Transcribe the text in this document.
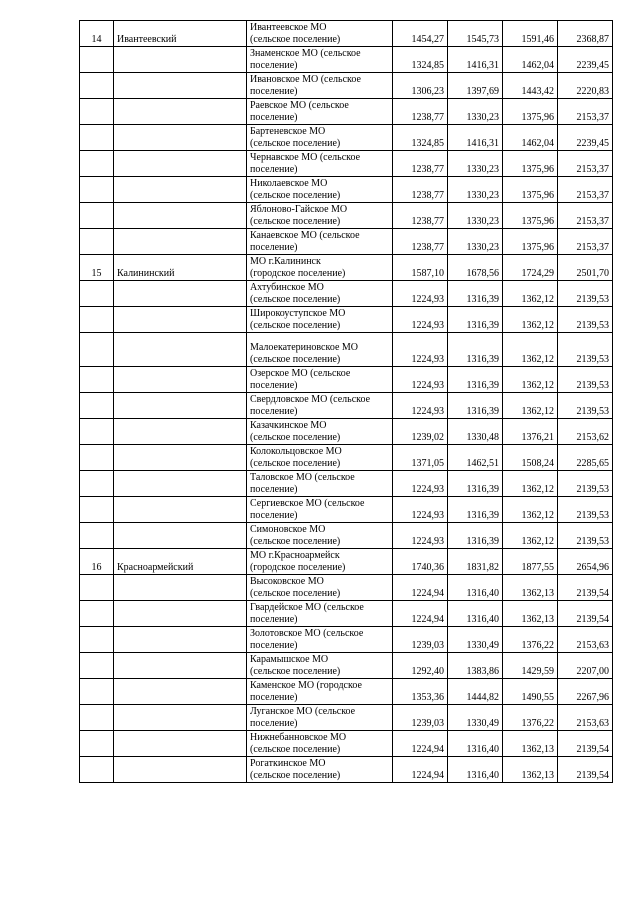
14	Ивантеевский	Ивантеевское МО
(сельское поселение)	1454,27	1545,73	1591,46	2368,87

		Знаменское МО (сельское
поселение)	1324,85	1416,31	1462,04	2239,45

		Ивановское МО (сельское
поселение)	1306,23	1397,69	1443,42	2220,83

		Раевское МО (сельское
поселение)	1238,77	1330,23	1375,96	2153,37

		Бартеневское МО
(сельское поселение)	1324,85	1416,31	1462,04	2239,45

		Чернавское МО (сельское
поселение)	1238,77	1330,23	1375,96	2153,37

		Николаевское МО
(сельское поселение)	1238,77	1330,23	1375,96	2153,37

		Яблоново-Гайское МО
(сельское поселение)	1238,77	1330,23	1375,96	2153,37

		Канаевское МО (сельское
поселение)	1238,77	1330,23	1375,96	2153,37
15	Калининский	МО г.Калининск
(городское поселение)	1587,10	1678,56	1724,29	2501,70

		Ахтубинское МО
(сельское поселение)	1224,93	1316,39	1362,12	2139,53

		Широкоуступское МО
(сельское поселение)	1224,93	1316,39	1362,12	2139,53

		Малоекатериновское МО
(сельское поселение)	1224,93	1316,39	1362,12	2139,53

		Озерское МО (сельское
поселение)	1224,93	1316,39	1362,12	2139,53

		Свердловское МО (сельское
поселение)	1224,93	1316,39	1362,12	2139,53

		Казачкинское МО
(сельское поселение)	1239,02	1330,48	1376,21	2153,62

		Колокольцовское МО
(сельское поселение)	1371,05	1462,51	1508,24	2285,65

		Таловское МО (сельское
поселение)	1224,93	1316,39	1362,12	2139,53

		Сергиевское МО (сельское
поселение)	1224,93	1316,39	1362,12	2139,53

		Симоновское МО
(сельское поселение)	1224,93	1316,39	1362,12	2139,53
16	Красноармейский	МО г.Красноармейск
(городское поселение)	1740,36	1831,82	1877,55	2654,96

		Высоковское МО
(сельское поселение)	1224,94	1316,40	1362,13	2139,54

		Гвардейское МО (сельское
поселение)	1224,94	1316,40	1362,13	2139,54

		Золотовское МО (сельское
поселение)	1239,03	1330,49	1376,22	2153,63

		Карамышское МО
(сельское поселение)	1292,40	1383,86	1429,59	2207,00

		Каменское МО (городское
поселение)	1353,36	1444,82	1490,55	2267,96

		Луганское МО (сельское
поселение)	1239,03	1330,49	1376,22	2153,63

		Нижнебанновское МО
(сельское поселение)	1224,94	1316,40	1362,13	2139,54

		Рогаткинское МО
(сельское поселение)	1224,94	1316,40	1362,13	2139,54
